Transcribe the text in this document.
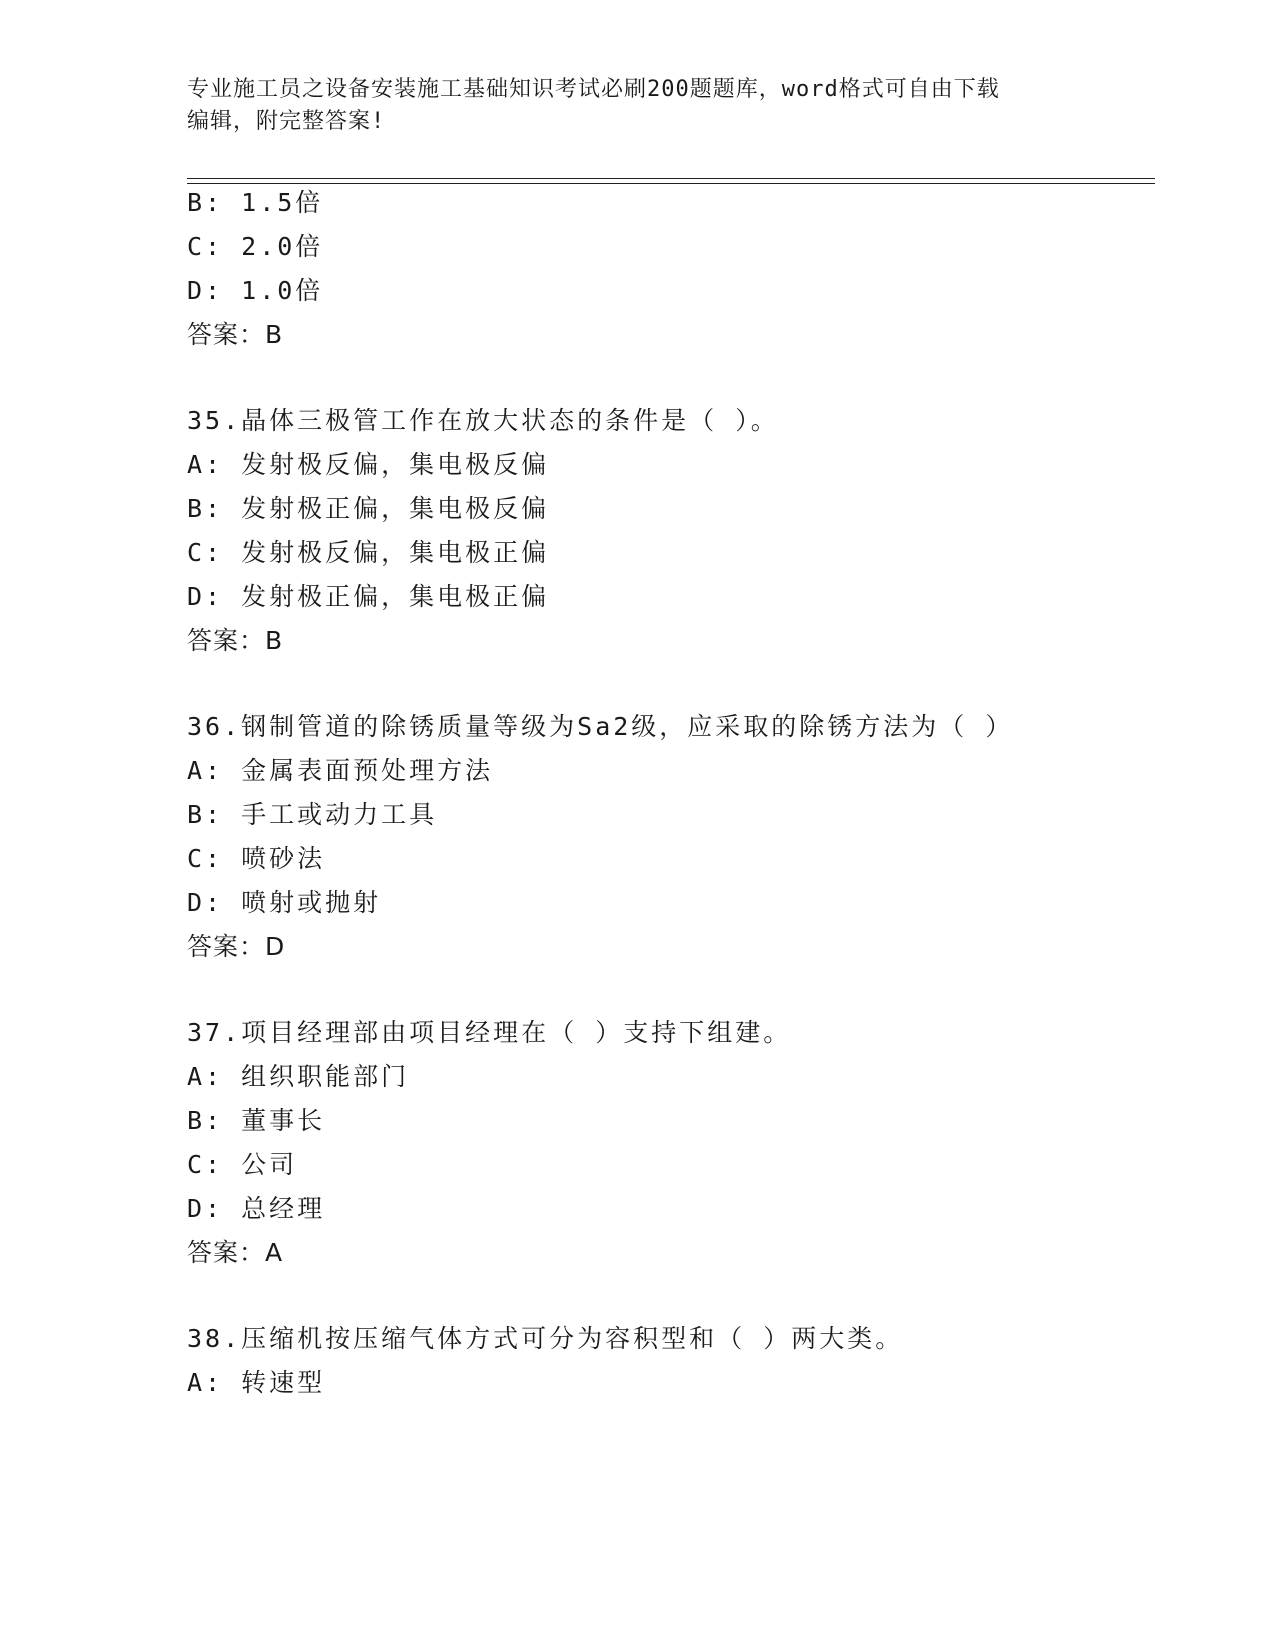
专业施工员之设备安装施工基础知识考试必刷200题题库，word格式可自由下载
编辑，附完整答案!
B: 1.5倍
C: 2.0倍
D: 1.0倍
答案：B
35.晶体三极管工作在放大状态的条件是（ ）。
A: 发射极反偏，集电极反偏
B: 发射极正偏，集电极反偏
C: 发射极反偏，集电极正偏
D: 发射极正偏，集电极正偏
答案：B
36.钢制管道的除锈质量等级为Sa2级，应采取的除锈方法为（ ）
A: 金属表面预处理方法
B: 手工或动力工具
C: 喷砂法
D: 喷射或抛射
答案：D
37.项目经理部由项目经理在（ ）支持下组建。
A: 组织职能部门
B: 董事长
C: 公司
D: 总经理
答案：A
38.压缩机按压缩气体方式可分为容积型和（ ）两大类。
A: 转速型
